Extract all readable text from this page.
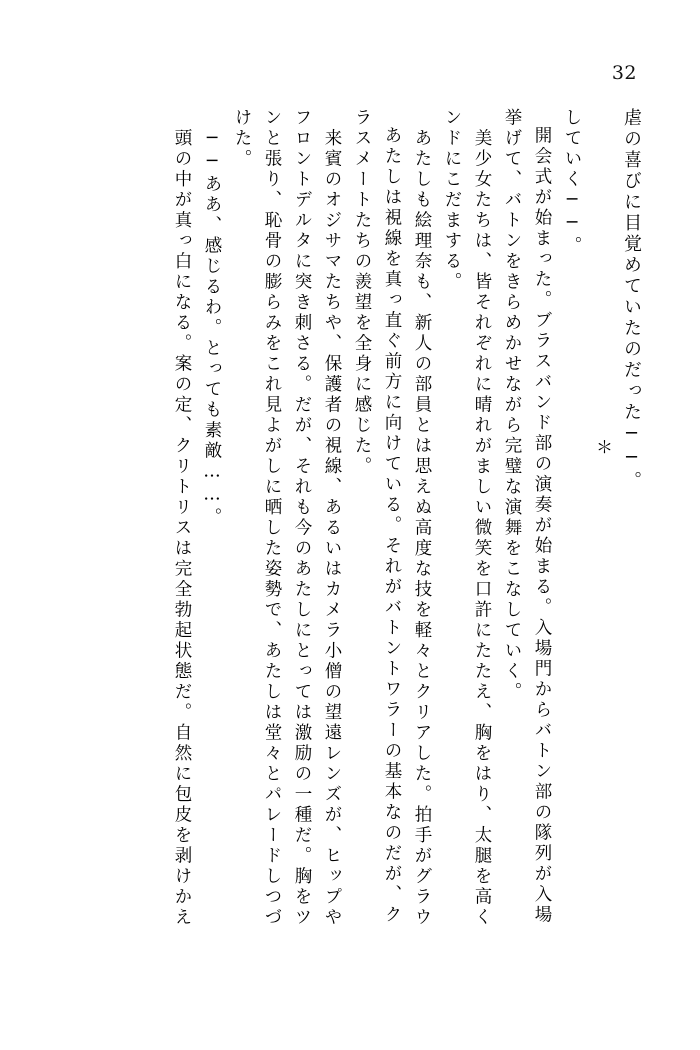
32
虐の喜びに目覚めていたのだった──。
＊
していく──。
開会式が始まった。ブラスバンド部の演奏が始まる。入場門からバトン部の隊列が入場
挙げて、バトンをきらめかせながら完璧な演舞をこなしていく。
　美少女たちは、皆それぞれに晴れがましい微笑を口許にたたえ、胸をはり、太腿を高く
ンドにこだまする。
　あたしも絵理奈も、新人の部員とは思えぬ高度な技を軽々とクリアした。拍手がグラウ
あたしは視線を真っ直ぐ前方に向けている。それがバトントワラーの基本なのだが、ク
ラスメートたちの羨望を全身に感じた。
　来賓のオジサマたちや、保護者の視線、あるいはカメラ小僧の望遠レンズが、ヒップや
フロントデルタに突き刺さる。だが、それも今のあたしにとっては激励の一種だ。胸をツ
ンと張り、恥骨の膨らみをこれ見よがしに晒した姿勢で、あたしは堂々とパレードしつづ
けた。
　──ああ、感じるわ。とっても素敵……。
　頭の中が真っ白になる。案の定、クリトリスは完全勃起状態だ。自然に包皮を剥けかえ
